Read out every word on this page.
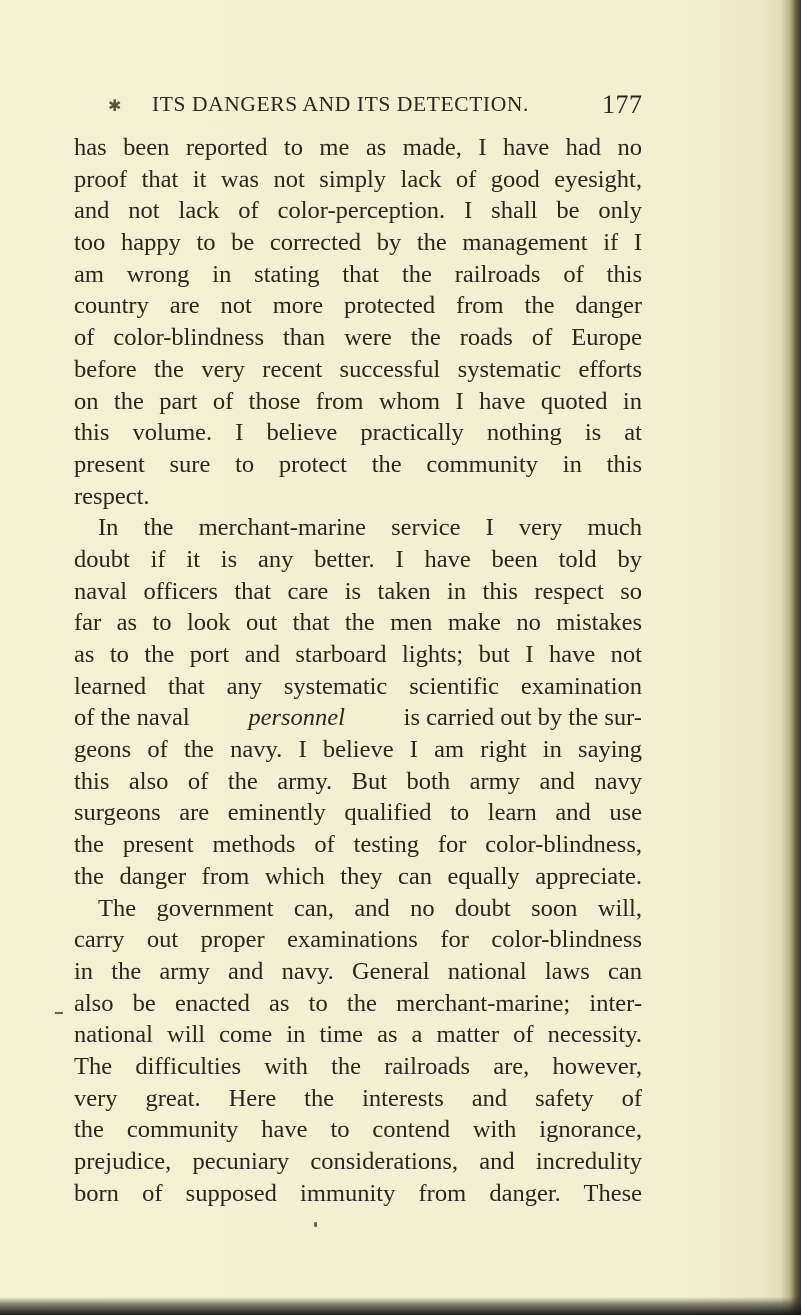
✱ ITS DANGERS AND ITS DETECTION.	177
has been reported to me as made, I have had no
proof that it was not simply lack of good eyesight,
and not lack of color-perception. I shall be only
too happy to be corrected by the management if I
am wrong in stating that the railroads of this
country are not more protected from the danger
of color-blindness than were the roads of Europe
before the very recent successful systematic efforts
on the part of those from whom I have quoted in
this volume. I believe practically nothing is at
present sure to protect the community in this
respect.
In the merchant-marine service I very much
doubt if it is any better. I have been told by
naval officers that care is taken in this respect so
far as to look out that the men make no mistakes
as to the port and starboard lights; but I have not
learned that any systematic scientific examination
of the naval personnel is carried out by the sur-
geons of the navy. I believe I am right in saying
this also of the army. But both army and navy
surgeons are eminently qualified to learn and use
the present methods of testing for color-blindness,
the danger from which they can equally appreciate.
The government can, and no doubt soon will,
carry out proper examinations for color-blindness
in the army and navy. General national laws can
also be enacted as to the merchant-marine; inter-
national will come in time as a matter of necessity.
The difficulties with the railroads are, however,
very great. Here the interests and safety of
the community have to contend with ignorance,
prejudice, pecuniary considerations, and incredulity
born of supposed immunity from danger. These
